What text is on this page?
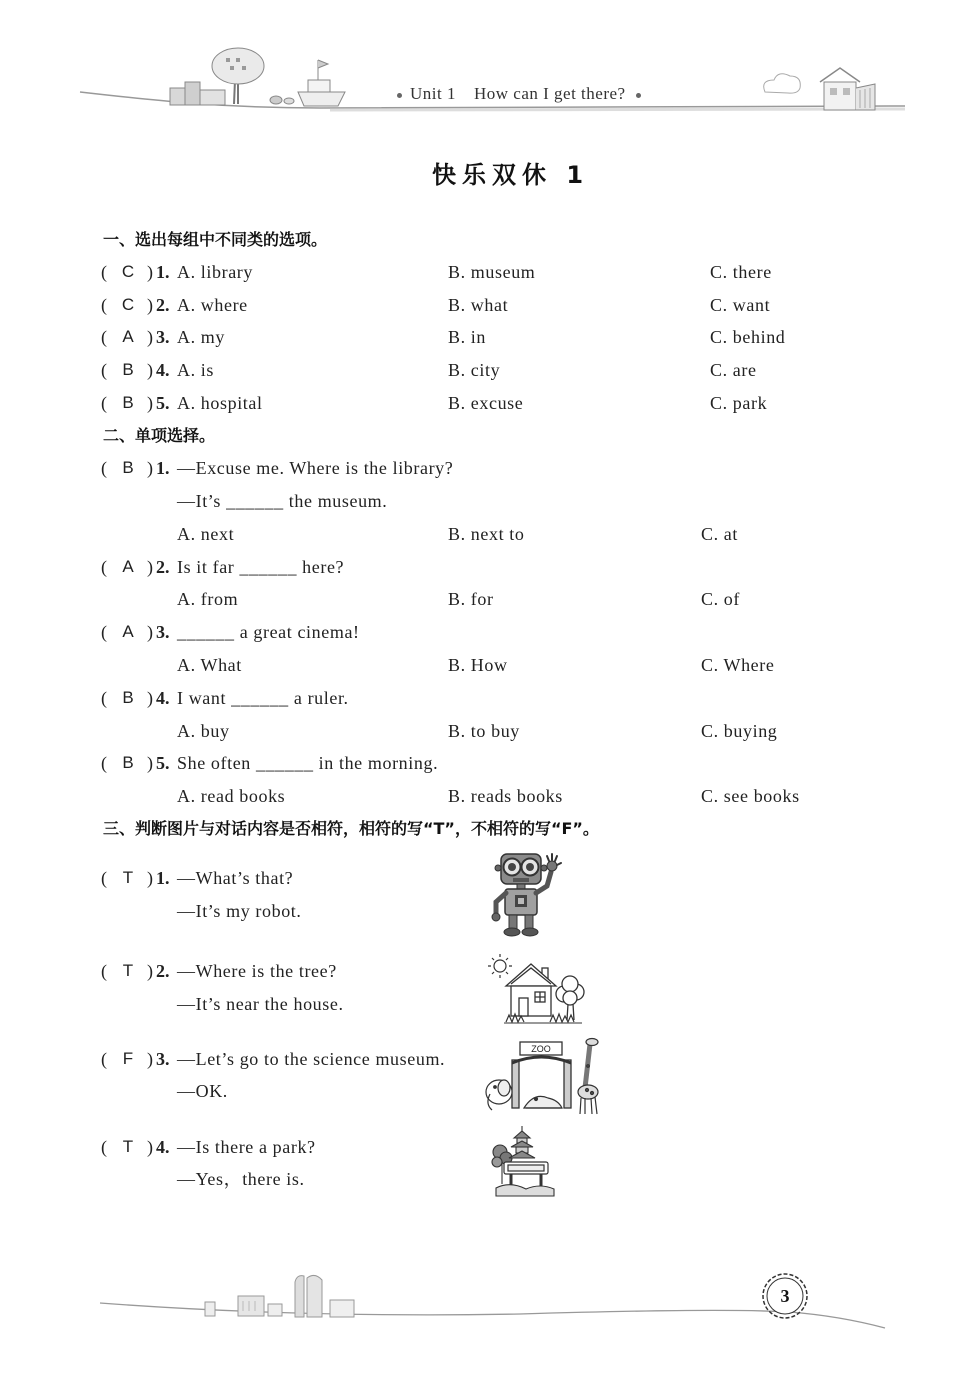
Unit 1 How can I get there?
快乐双休 1
一、选出每组中不同类的选项。
( C ) 1. A. library	B. museum	C. there
( C ) 2. A. where	B. what	C. want
( A ) 3. A. my	B. in	C. behind
( B ) 4. A. is	B. city	C. are
( B ) 5. A. hospital	B. excuse	C. park
二、单项选择。
( B ) 1. —Excuse me. Where is the library?
—It’s ______ the museum.
A. next	B. next to	C. at
( A ) 2. Is it far ______ here?
A. from	B. for	C. of
( A ) 3. ______ a great cinema!
A. What	B. How	C. Where
( B ) 4. I want ______ a ruler.
A. buy	B. to buy	C. buying
( B ) 5. She often ______ in the morning.
A. read books	B. reads books	C. see books
三、判断图片与对话内容是否相符，相符的写“T”，不相符的写“F”。
( T ) 1. —What’s that?
—It’s my robot.
( T ) 2. —Where is the tree?
—It’s near the house.
( F ) 3. —Let’s go to the science museum.
—OK.
( T ) 4. —Is there a park?
—Yes，there is.
ZOO
3
